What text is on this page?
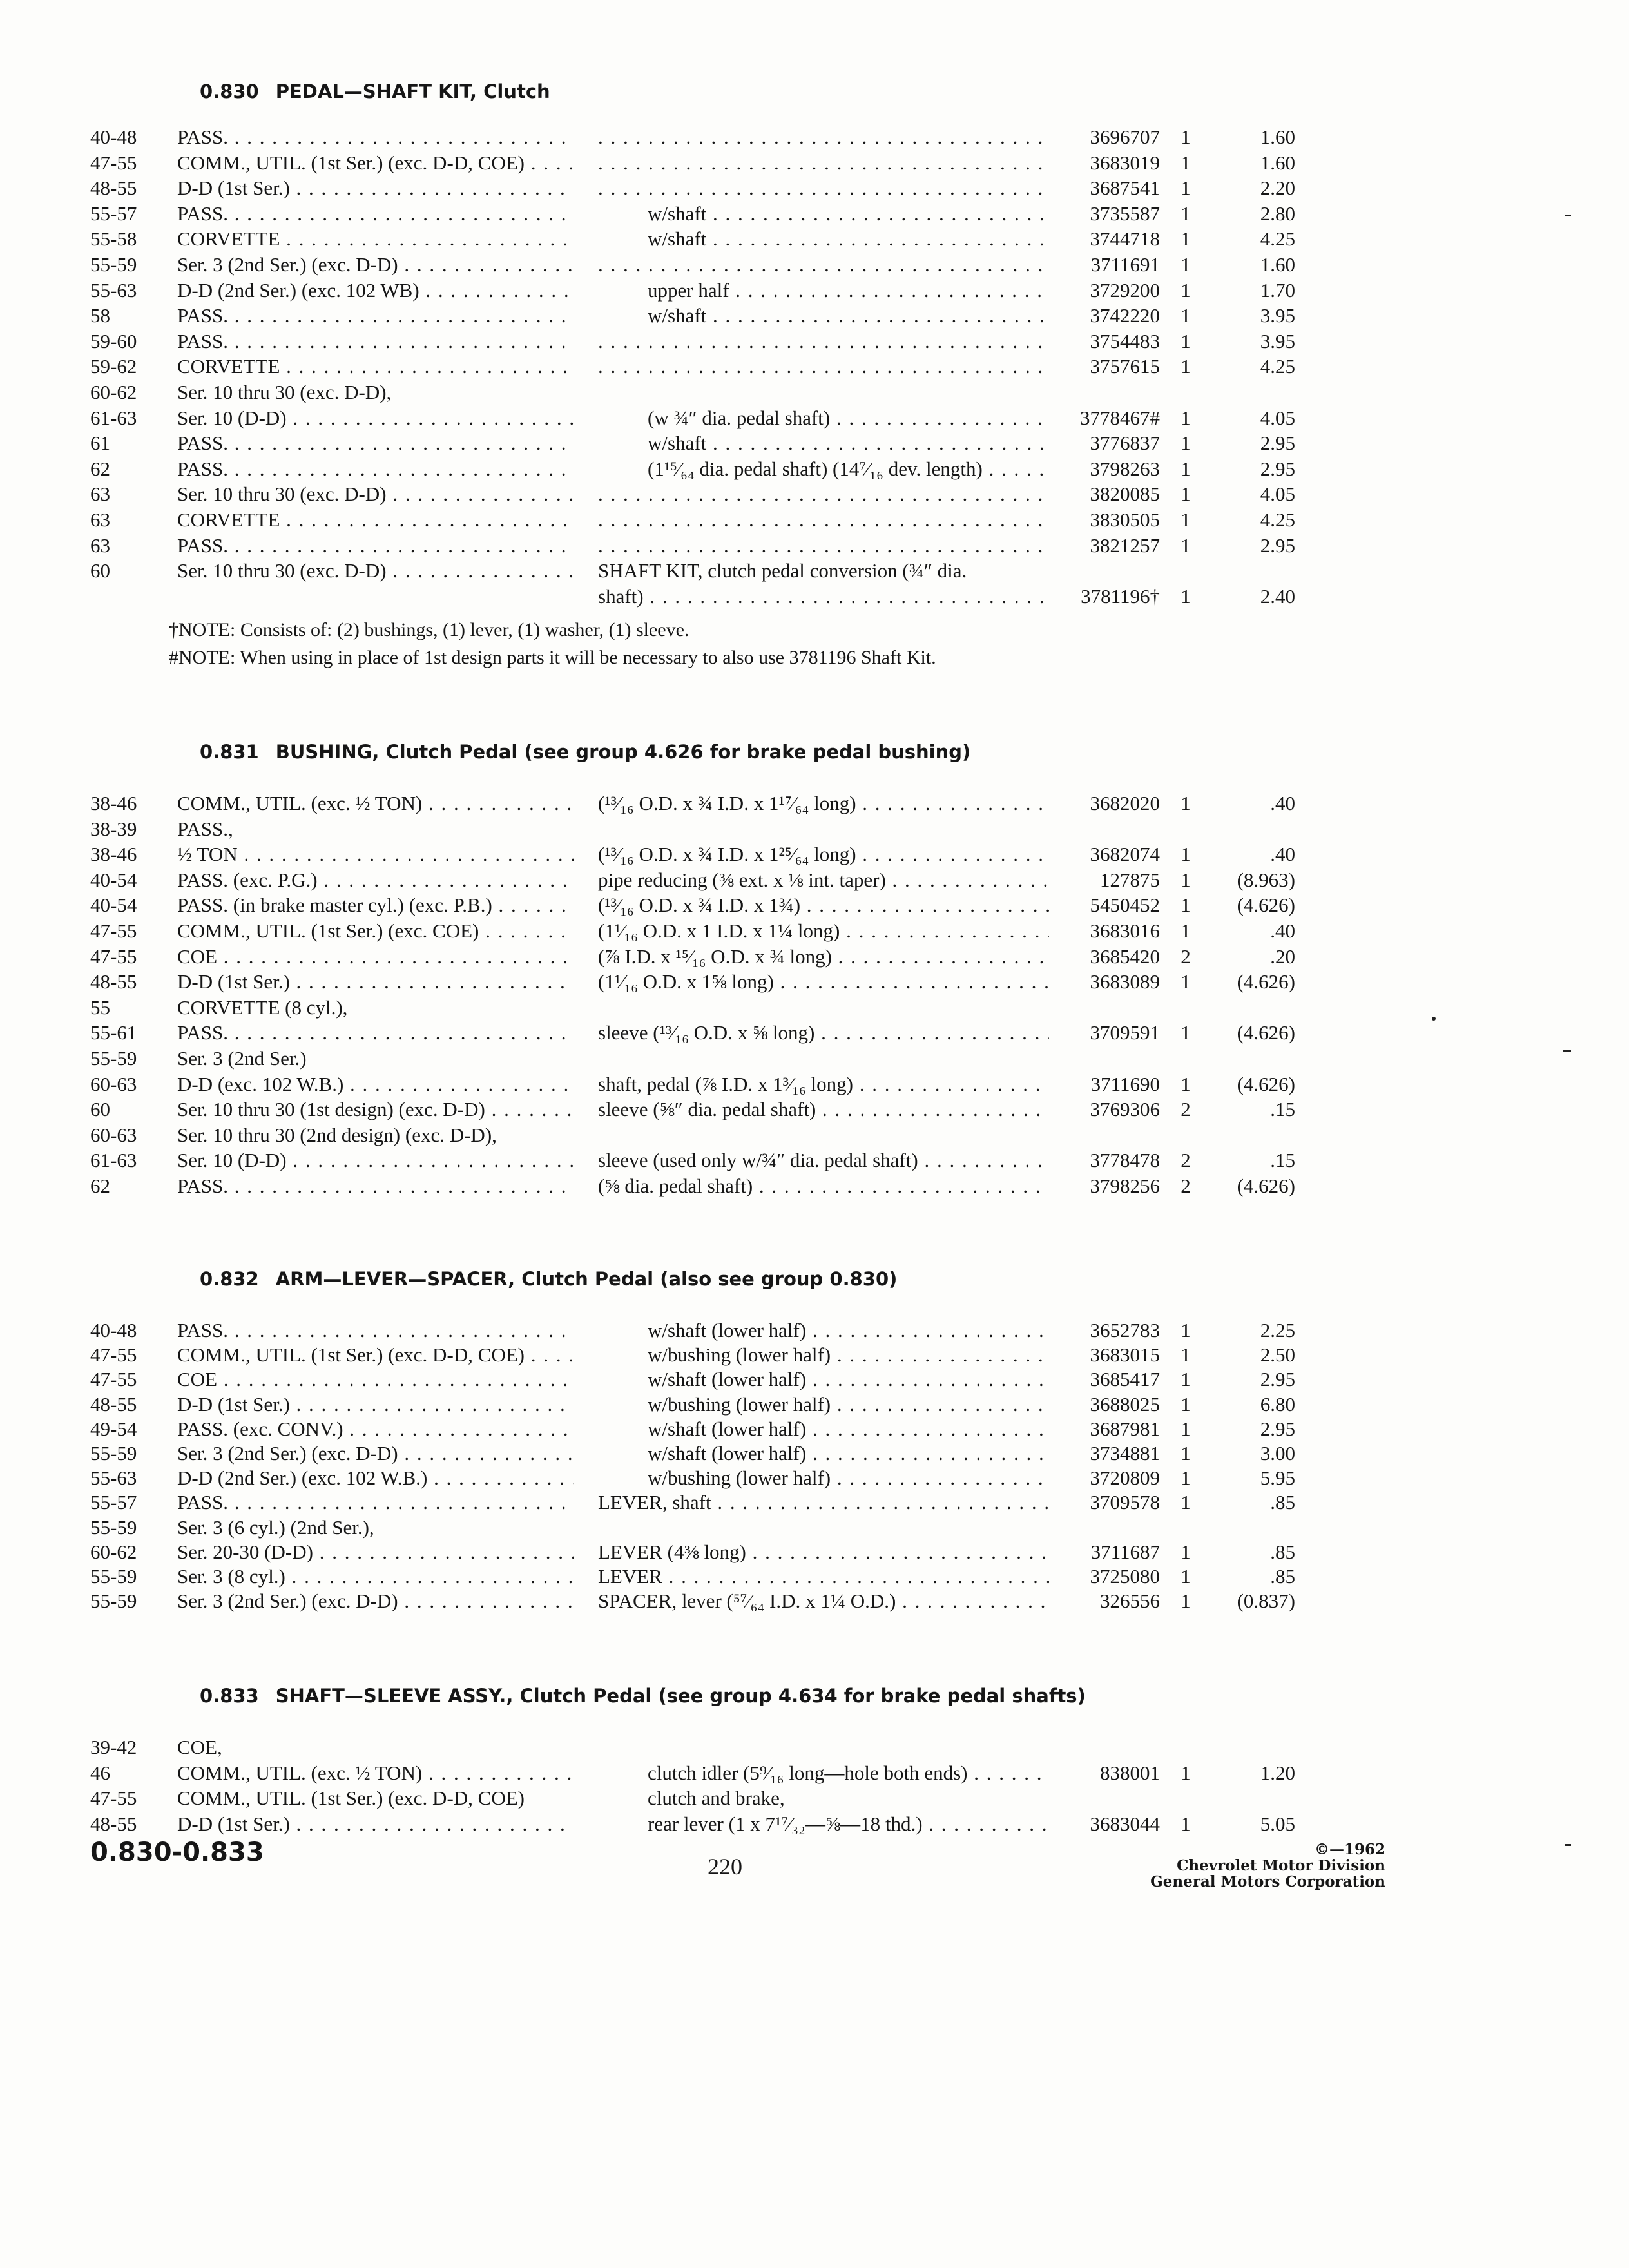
0.830 PEDAL—SHAFT KIT, Clutch
40-48	PASS. . . . . . .	3696707	1	1.60
47-55	COMM., UTIL. (1st Ser.) (exc. D-D, COE) . . . . . .	3683019	1	1.60
48-55	D-D (1st Ser.) . . . . . .	3687541	1	2.20
55-57	PASS. . . .	w/shaft . . .	3735587	1	2.80
55-58	CORVETTE . . .	w/shaft . . .	3744718	1	4.25
55-59	Ser. 3 (2nd Ser.) (exc. D-D) . . . . . .	3711691	1	1.60
55-63	D-D (2nd Ser.) (exc. 102 WB) . . .	upper half . . .	3729200	1	1.70
58	PASS. . . .	w/shaft . . .	3742220	1	3.95
59-60	PASS. . . . . . .	3754483	1	3.95
59-62	CORVETTE . . . . . .	3757615	1	4.25
60-62	Ser. 10 thru 30 (exc. D-D),
61-63	Ser. 10 (D-D) . . .	(w ¾″ dia. pedal shaft) . . .	3778467#	1	4.05
61	PASS. . . .	w/shaft . . .	3776837	1	2.95
62	PASS. . . .	(1¹⁵⁄₆₄ dia. pedal shaft) (14⁷⁄₁₆ dev. length) . . .	3798263	1	2.95
63	Ser. 10 thru 30 (exc. D-D) . . . . . .	3820085	1	4.05
63	CORVETTE . . . . . .	3830505	1	4.25
63	PASS. . . . . . .	3821257	1	2.95
60	Ser. 10 thru 30 (exc. D-D) . . .	SHAFT KIT, clutch pedal conversion (¾″ dia.
shaft) . . .	3781196†	1	2.40
†NOTE: Consists of: (2) bushings, (1) lever, (1) washer, (1) sleeve.
#NOTE: When using in place of 1st design parts it will be necessary to also use 3781196 Shaft Kit.
0.831 BUSHING, Clutch Pedal (see group 4.626 for brake pedal bushing)
38-46	COMM., UTIL. (exc. ½ TON) . . .	(¹³⁄₁₆ O.D. x ¾ I.D. x 1¹⁷⁄₆₄ long) . . .	3682020	1	.40
38-39	PASS.,
38-46	½ TON . . .	(¹³⁄₁₆ O.D. x ¾ I.D. x 1²⁵⁄₆₄ long) . . .	3682074	1	.40
40-54	PASS. (exc. P.G.) . . .	pipe reducing (⅜ ext. x ⅛ int. taper) . . .	127875	1	(8.963)
40-54	PASS. (in brake master cyl.) (exc. P.B.) . . .	(¹³⁄₁₆ O.D. x ¾ I.D. x 1¾) . . .	5450452	1	(4.626)
47-55	COMM., UTIL. (1st Ser.) (exc. COE) . . .	(1¹⁄₁₆ O.D. x 1 I.D. x 1¼ long) . . .	3683016	1	.40
47-55	COE . . .	(⅞ I.D. x ¹⁵⁄₁₆ O.D. x ¾ long) . . .	3685420	2	.20
48-55	D-D (1st Ser.) . . .	(1¹⁄₁₆ O.D. x 1⅝ long) . . .	3683089	1	(4.626)
55	CORVETTE (8 cyl.),
55-61	PASS. . . .	sleeve (¹³⁄₁₆ O.D. x ⅝ long) . . .	3709591	1	(4.626)
55-59	Ser. 3 (2nd Ser.)
60-63	D-D (exc. 102 W.B.) . . .	shaft, pedal (⅞ I.D. x 1³⁄₁₆ long) . . .	3711690	1	(4.626)
60	Ser. 10 thru 30 (1st design) (exc. D-D) . . .	sleeve (⅝″ dia. pedal shaft) . . .	3769306	2	.15
60-63	Ser. 10 thru 30 (2nd design) (exc. D-D),
61-63	Ser. 10 (D-D) . . .	sleeve (used only w/¾″ dia. pedal shaft) . . .	3778478	2	.15
62	PASS. . . .	(⅝ dia. pedal shaft) . . .	3798256	2	(4.626)
0.832 ARM—LEVER—SPACER, Clutch Pedal (also see group 0.830)
40-48	PASS. . . .	w/shaft (lower half) . . .	3652783	1	2.25
47-55	COMM., UTIL. (1st Ser.) (exc. D-D, COE) . . .	w/bushing (lower half) . . .	3683015	1	2.50
47-55	COE . . .	w/shaft (lower half) . . .	3685417	1	2.95
48-55	D-D (1st Ser.) . . .	w/bushing (lower half) . . .	3688025	1	6.80
49-54	PASS. (exc. CONV.) . . .	w/shaft (lower half) . . .	3687981	1	2.95
55-59	Ser. 3 (2nd Ser.) (exc. D-D) . . .	w/shaft (lower half) . . .	3734881	1	3.00
55-63	D-D (2nd Ser.) (exc. 102 W.B.) . . .	w/bushing (lower half) . . .	3720809	1	5.95
55-57	PASS. . . .	LEVER, shaft . . .	3709578	1	.85
55-59	Ser. 3 (6 cyl.) (2nd Ser.),
60-62	Ser. 20-30 (D-D) . . .	LEVER (4⅜ long) . . .	3711687	1	.85
55-59	Ser. 3 (8 cyl.) . . .	LEVER . . .	3725080	1	.85
55-59	Ser. 3 (2nd Ser.) (exc. D-D) . . .	SPACER, lever (⁵⁷⁄₆₄ I.D. x 1¼ O.D.) . . .	326556	1	(0.837)
0.833 SHAFT—SLEEVE ASSY., Clutch Pedal (see group 4.634 for brake pedal shafts)
39-42	COE,
46	COMM., UTIL. (exc. ½ TON) . . .	clutch idler (5⁹⁄₁₆ long—hole both ends) . . .	838001	1	1.20
47-55	COMM., UTIL. (1st Ser.) (exc. D-D, COE)	clutch and brake,
48-55	D-D (1st Ser.) . . .	rear lever (1 x 7¹⁷⁄₃₂—⅝—18 thd.) . . .	3683044	1	5.05
0.830-0.833	220
©—1962
Chevrolet Motor Division
General Motors Corporation
